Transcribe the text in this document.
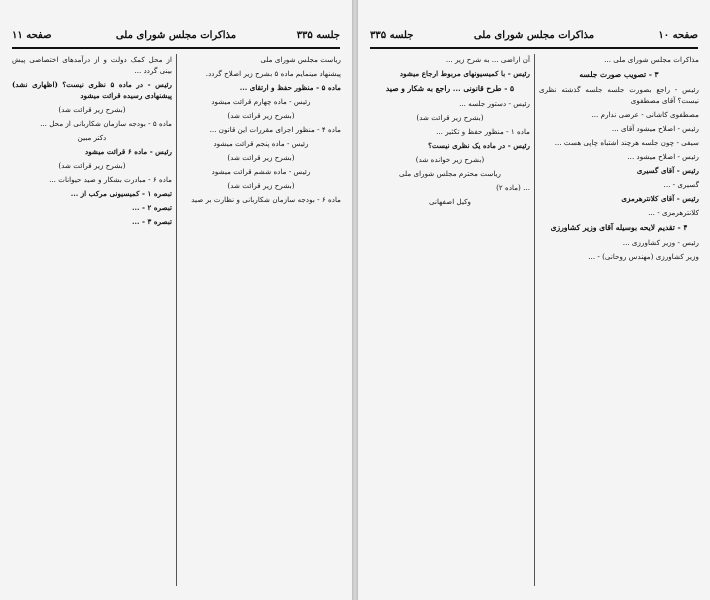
صفحه ۱۱	مذاکرات مجلس شورای ملی	جلسه ۳۳۵

از محل کمک دولت و از درآمدهای اختصاصی پیش بینی گردد ...

رئیس - در ماده ۵ نظری نیست؟ (اظهاری نشد) پیشنهادی رسیده قرائت میشود

(بشرح زیر قرائت شد)

ماده ۵ - بودجه سازمان شکاربانی از محل ...

دکتر مبین

رئیس - ماده ۶ قرائت میشود

(بشرح زیر قرائت شد)

ماده ۶ - مبادرت بشکار و صید حیوانات ...

تبصره ۱ - کمیسیونی مرکب از ...

تبصره ۲ - ...

تبصره ۳ - ...

ریاست مجلس شورای ملی

پیشنهاد مینمایم ماده ۵ بشرح زیر اصلاح گردد.

ماده ۵ - منظور حفظ و ارتقای ...

رئیس - ماده چهارم قرائت میشود

(بشرح زیر قرائت شد)

ماده ۴ - منظور اجرای مقررات این قانون ...

رئیس - ماده پنجم قرائت میشود

(بشرح زیر قرائت شد)

رئیس - ماده ششم قرائت میشود

(بشرح زیر قرائت شد)

ماده ۶ - بودجه سازمان شکاربانی و نظارت بر صید

جلسه ۳۳۵	مذاکرات مجلس شورای ملی	صفحه ۱۰

آن اراضی ... به شرح زیر ...

رئیس - با کمیسیونهای مربوط ارجاع میشود

۵ - طرح قانونی ... راجع به شکار و صید

رئیس - دستور جلسه ...

(بشرح زیر قرائت شد)

ماده ۱ - منظور حفظ و تکثیر ...

رئیس - در ماده یک نظری نیست؟

(بشرح زیر خوانده شد)

ریاست محترم مجلس شورای ملی

... (ماده ۲)

وکیل اصفهانی

مذاکرات مجلس شورای ملی ...

۳ - تصویب صورت جلسه

رئیس - راجع بصورت جلسه جلسه گذشته نظری نیست؟ آقای مصطفوی

مصطفوی کاشانی - عرضی ندارم ...

رئیس - اصلاح میشود آقای ...

سیفی - چون جلسه هرچند اشتباه چاپی هست ...

رئیس - اصلاح میشود ...

رئیس - آقای گسیری

گسیری - ...

رئیس - آقای کلانترهرمزی

کلانترهرمزی - ...

۴ - تقدیم لایحه بوسیله آقای وزیر کشاورزی

رئیس - وزیر کشاورزی ...

وزیر کشاورزی (مهندس روحانی) - ...
